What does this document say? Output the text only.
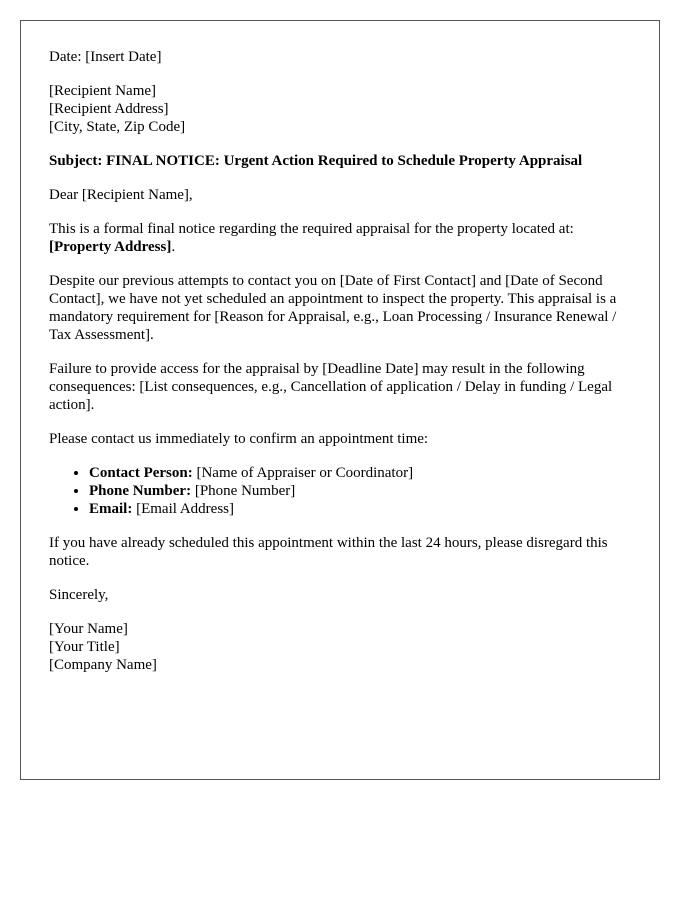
Date: [Insert Date]

[Recipient Name]
[Recipient Address]
[City, State, Zip Code]

Subject: FINAL NOTICE: Urgent Action Required to Schedule Property Appraisal

Dear [Recipient Name],

This is a formal final notice regarding the required appraisal for the property located at: [Property Address].

Despite our previous attempts to contact you on [Date of First Contact] and [Date of Second Contact], we have not yet scheduled an appointment to inspect the property. This appraisal is a mandatory requirement for [Reason for Appraisal, e.g., Loan Processing / Insurance Renewal / Tax Assessment].

Failure to provide access for the appraisal by [Deadline Date] may result in the following consequences: [List consequences, e.g., Cancellation of application / Delay in funding / Legal action].

Please contact us immediately to confirm an appointment time:

• Contact Person: [Name of Appraiser or Coordinator]
• Phone Number: [Phone Number]
• Email: [Email Address]

If you have already scheduled this appointment within the last 24 hours, please disregard this notice.

Sincerely,

[Your Name]
[Your Title]
[Company Name]
